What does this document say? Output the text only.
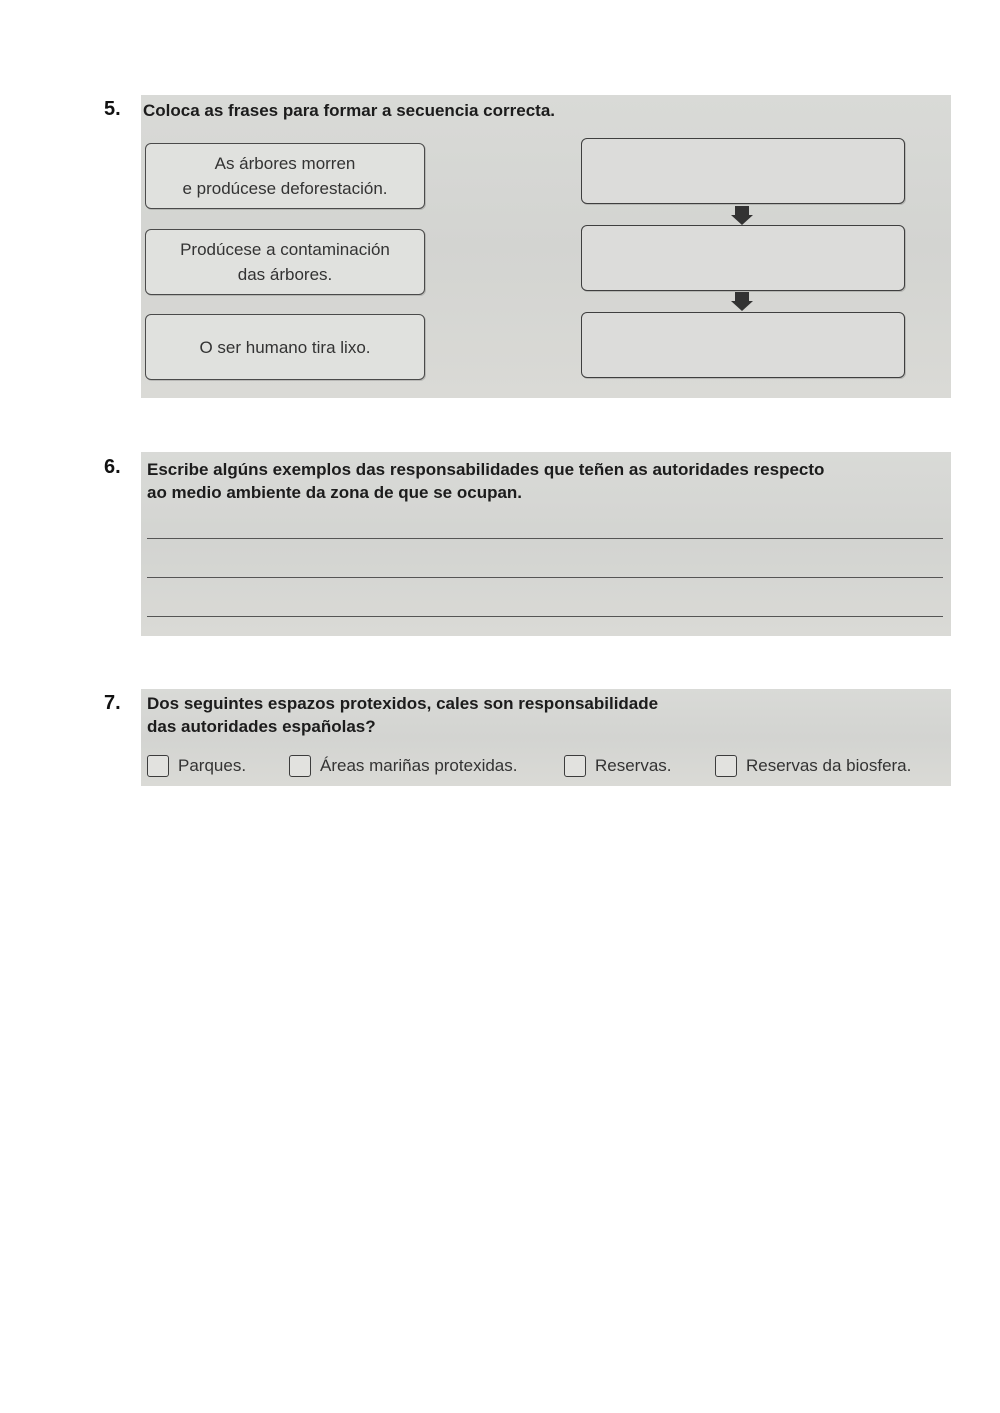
5. Coloca as frases para formar a secuencia correcta.

As árbores morren
e prodúcese deforestación.
Prodúcese a contaminación
das árbores.
O ser humano tira lixo.
6. Escribe algúns exemplos das responsabilidades que teñen as autoridades respecto
ao medio ambiente da zona de que se ocupan.

7. Dos seguintes espazos protexidos, cales son responsabilidade
das autoridades españolas?

Parques.	Áreas mariñas protexidas.	Reservas.	Reservas da biosfera.
